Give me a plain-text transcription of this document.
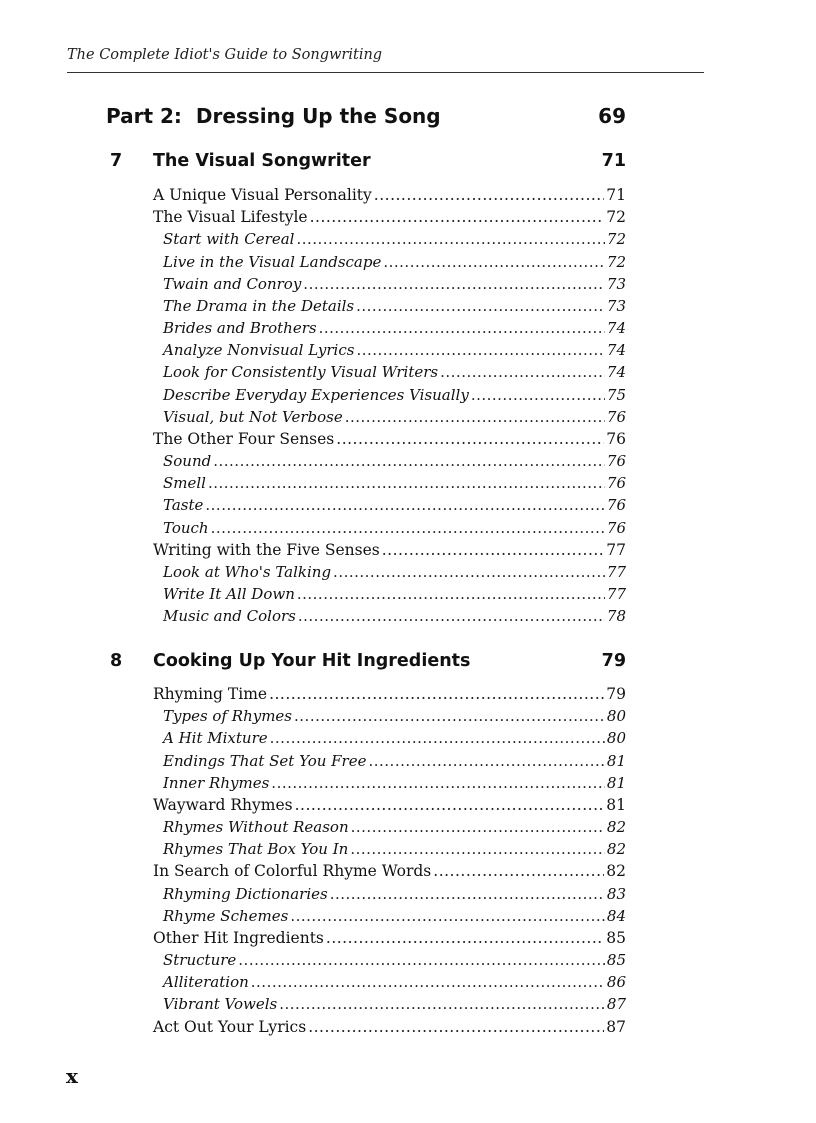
The Complete Idiot's Guide to Songwriting
Part 2: Dressing Up the Song	69
7	The Visual Songwriter	71
A Unique Visual Personality .....	71
The Visual Lifestyle .....	72
Start with Cereal .....	72
Live in the Visual Landscape .....	72
Twain and Conroy .....	73
The Drama in the Details .....	73
Brides and Brothers .....	74
Analyze Nonvisual Lyrics .....	74
Look for Consistently Visual Writers .....	74
Describe Everyday Experiences Visually .....	75
Visual, but Not Verbose .....	76
The Other Four Senses .....	76
Sound .....	76
Smell .....	76
Taste .....	76
Touch .....	76
Writing with the Five Senses .....	77
Look at Who's Talking .....	77
Write It All Down .....	77
Music and Colors .....	78
8	Cooking Up Your Hit Ingredients	79
Rhyming Time .....	79
Types of Rhymes .....	80
A Hit Mixture .....	80
Endings That Set You Free .....	81
Inner Rhymes .....	81
Wayward Rhymes .....	81
Rhymes Without Reason .....	82
Rhymes That Box You In .....	82
In Search of Colorful Rhyme Words .....	82
Rhyming Dictionaries .....	83
Rhyme Schemes .....	84
Other Hit Ingredients .....	85
Structure .....	85
Alliteration .....	86
Vibrant Vowels .....	87
Act Out Your Lyrics .....	87
x
